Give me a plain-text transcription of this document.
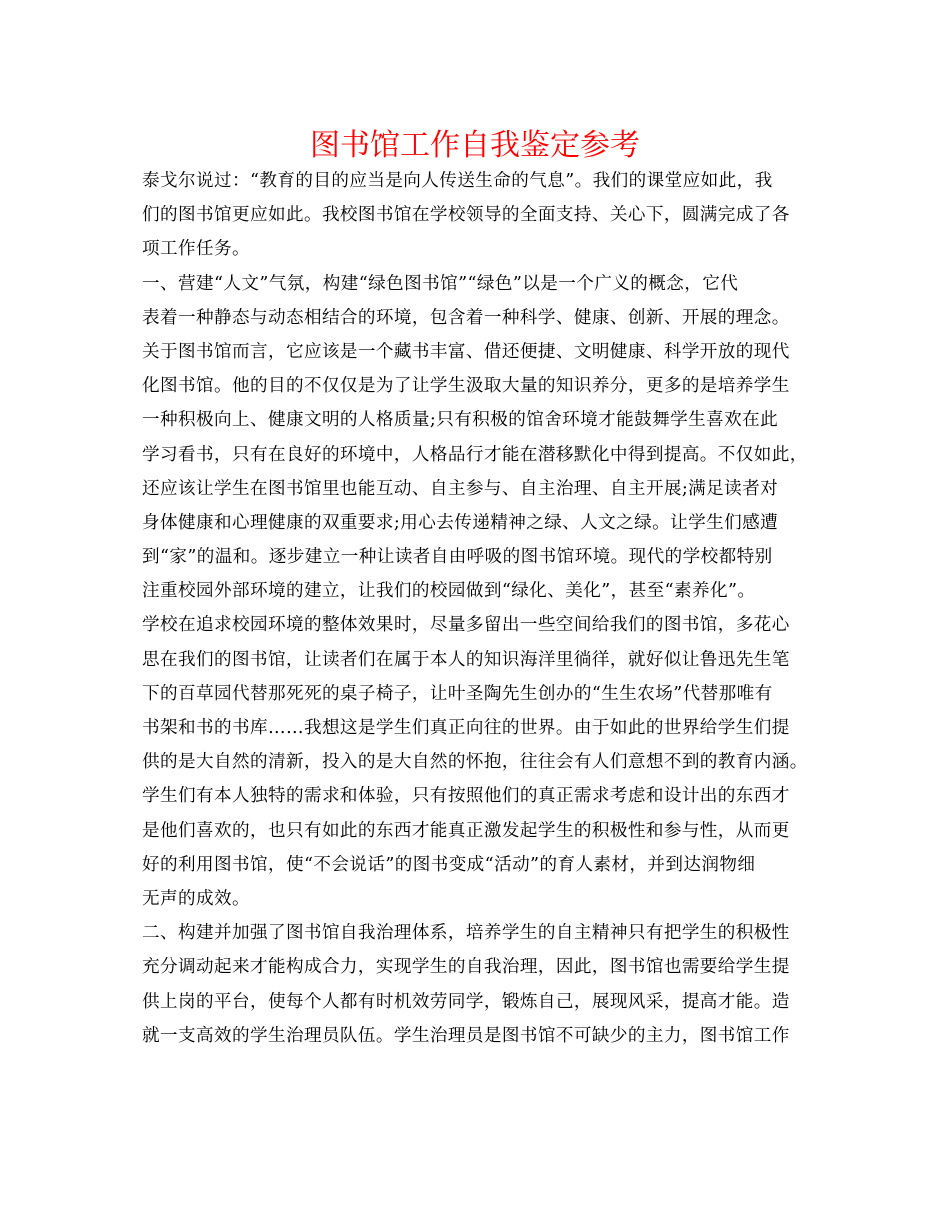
图书馆工作自我鉴定参考
泰戈尔说过：“教育的目的应当是向人传送生命的气息”。我们的课堂应如此，我
们的图书馆更应如此。我校图书馆在学校领导的全面支持、关心下，圆满完成了各
项工作任务。
一、营建“人文”气氛，构建“绿色图书馆”“绿色”以是一个广义的概念，它代
表着一种静态与动态相结合的环境，包含着一种科学、健康、创新、开展的理念。
关于图书馆而言，它应该是一个藏书丰富、借还便捷、文明健康、科学开放的现代
化图书馆。他的目的不仅仅是为了让学生汲取大量的知识养分，更多的是培养学生
一种积极向上、健康文明的人格质量;只有积极的馆舍环境才能鼓舞学生喜欢在此
学习看书，只有在良好的环境中，人格品行才能在潜移默化中得到提高。不仅如此，
还应该让学生在图书馆里也能互动、自主参与、自主治理、自主开展;满足读者对
身体健康和心理健康的双重要求;用心去传递精神之绿、人文之绿。让学生们感遭
到“家”的温和。逐步建立一种让读者自由呼吸的图书馆环境。现代的学校都特别
注重校园外部环境的建立，让我们的校园做到“绿化、美化”，甚至“素养化”。
学校在追求校园环境的整体效果时，尽量多留出一些空间给我们的图书馆，多花心
思在我们的图书馆，让读者们在属于本人的知识海洋里徜徉，就好似让鲁迅先生笔
下的百草园代替那死死的桌子椅子，让叶圣陶先生创办的“生生农场”代替那唯有
书架和书的书库……我想这是学生们真正向往的世界。由于如此的世界给学生们提
供的是大自然的清新，投入的是大自然的怀抱，往往会有人们意想不到的教育内涵。
学生们有本人独特的需求和体验，只有按照他们的真正需求考虑和设计出的东西才
是他们喜欢的，也只有如此的东西才能真正激发起学生的积极性和参与性，从而更
好的利用图书馆，使“不会说话”的图书变成“活动”的育人素材，并到达润物细
无声的成效。
二、构建并加强了图书馆自我治理体系，培养学生的自主精神只有把学生的积极性
充分调动起来才能构成合力，实现学生的自我治理，因此，图书馆也需要给学生提
供上岗的平台，使每个人都有时机效劳同学，锻炼自己，展现风采，提高才能。造
就一支高效的学生治理员队伍。学生治理员是图书馆不可缺少的主力，图书馆工作
